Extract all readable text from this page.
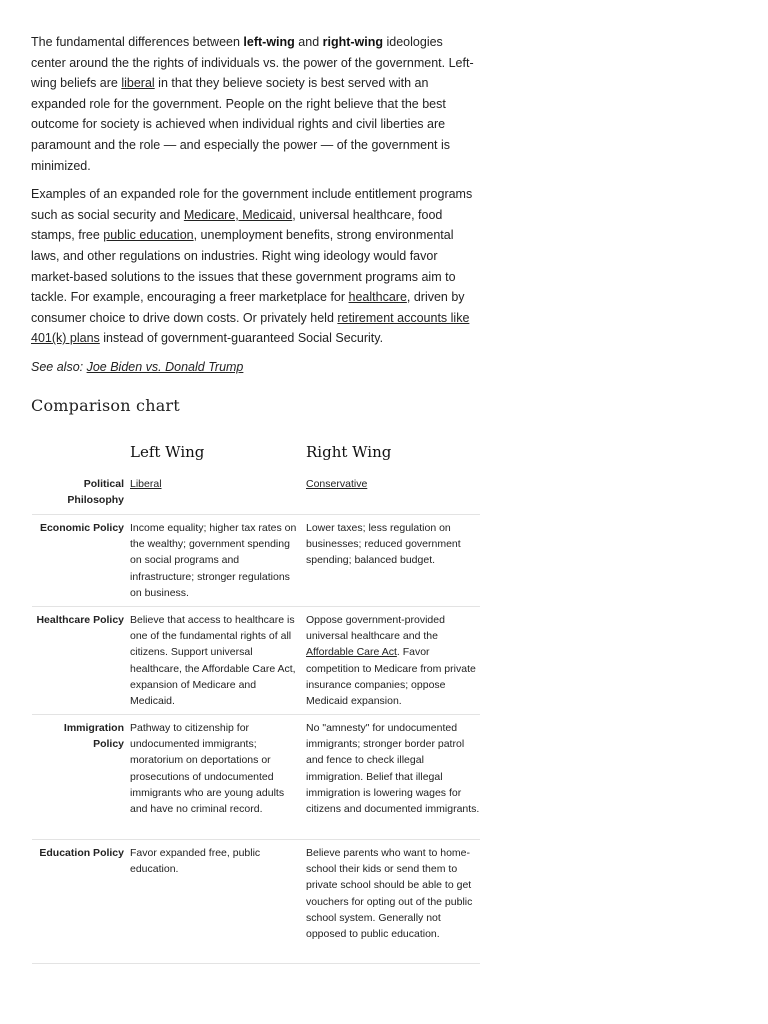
The fundamental differences between left-wing and right-wing ideologies center around the the rights of individuals vs. the power of the government. Left-wing beliefs are liberal in that they believe society is best served with an expanded role for the government. People on the right believe that the best outcome for society is achieved when individual rights and civil liberties are paramount and the role — and especially the power — of the government is minimized.

Examples of an expanded role for the government include entitlement programs such as social security and Medicare, Medicaid, universal healthcare, food stamps, free public education, unemployment benefits, strong environmental laws, and other regulations on industries. Right wing ideology would favor market-based solutions to the issues that these government programs aim to tackle. For example, encouraging a freer marketplace for healthcare, driven by consumer choice to drive down costs. Or privately held retirement accounts like 401(k) plans instead of government-guaranteed Social Security.

See also: Joe Biden vs. Donald Trump

Comparison chart
Left Wing	Right Wing
Political Philosophy
Liberal	Conservative
Economic Policy Income equality; higher tax rates on the wealthy; government spending on social programs and infrastructure; stronger regulations on business.
Lower taxes; less regulation on businesses; reduced government spending; balanced budget.
Healthcare Policy Believe that access to healthcare is one of the fundamental rights of all citizens. Support universal healthcare, the Affordable Care Act, expansion of Medicare and Medicaid.
Oppose government-provided universal healthcare and the Affordable Care Act. Favor competition to Medicare from private insurance companies; oppose Medicaid expansion.
Immigration Policy
Pathway to citizenship for undocumented immigrants; moratorium on deportations or prosecutions of undocumented immigrants who are young adults and have no criminal record.
No "amnesty" for undocumented immigrants; stronger border patrol and fence to check illegal immigration. Belief that illegal immigration is lowering wages for citizens and documented immigrants.
Education Policy Favor expanded free, public education.
Believe parents who want to home-school their kids or send them to private school should be able to get vouchers for opting out of the public school system. Generally not opposed to public education.
